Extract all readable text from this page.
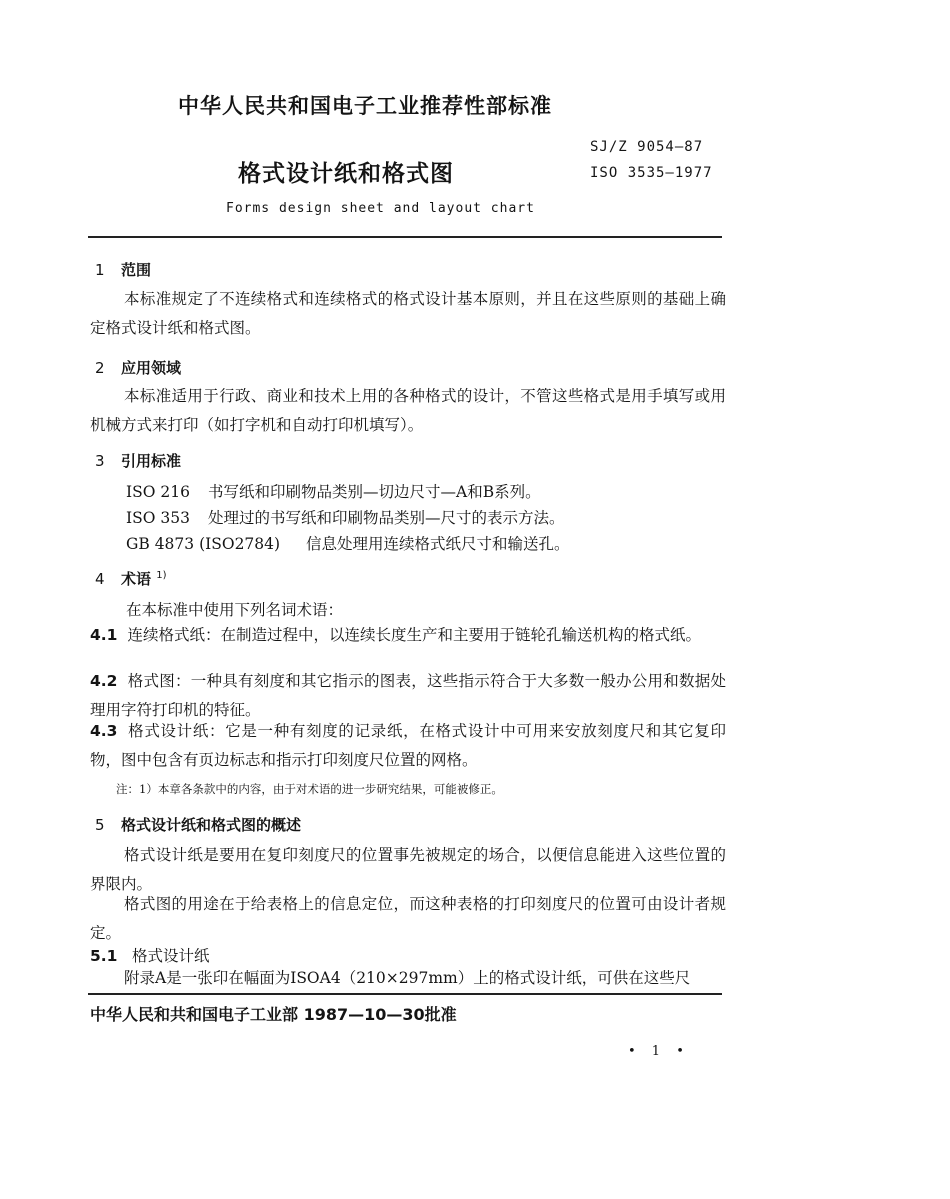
中华人民共和国电子工业推荐性部标准
格式设计纸和格式图
Forms design sheet and layout chart
SJ/Z 9054—87
ISO 3535—1977
1 范围
本标准规定了不连续格式和连续格式的格式设计基本原则，并且在这些原则的基础上确定格式设计纸和格式图。
2 应用领域
本标准适用于行政、商业和技术上用的各种格式的设计，不管这些格式是用手填写或用机械方式来打印（如打字机和自动打印机填写）。
3 引用标准
ISO 216 书写纸和印刷物品类别—切边尺寸—A和B系列。
ISO 353 处理过的书写纸和印刷物品类别—尺寸的表示方法。
GB 4873 (ISO2784) 信息处理用连续格式纸尺寸和输送孔。
4 术语 $^{1)}$
在本标准中使用下列名词术语：
4.1 连续格式纸：在制造过程中，以连续长度生产和主要用于链轮孔输送机构的格式纸。
4.2 格式图：一种具有刻度和其它指示的图表，这些指示符合于大多数一般办公用和数据处理用字符打印机的特征。
4.3 格式设计纸：它是一种有刻度的记录纸，在格式设计中可用来安放刻度尺和其它复印物，图中包含有页边标志和指示打印刻度尺位置的网格。
注：1）本章各条款中的内容，由于对术语的进一步研究结果，可能被修正。
5 格式设计纸和格式图的概述
格式设计纸是要用在复印刻度尺的位置事先被规定的场合，以便信息能进入这些位置的界限内。
格式图的用途在于给表格上的信息定位，而这种表格的打印刻度尺的位置可由设计者规定。
5.1 格式设计纸
附录A是一张印在幅面为ISOA4（210×297mm）上的格式设计纸，可供在这些尺
中华人民和共和国电子工业部 1987—10—30批准
• 1 •
